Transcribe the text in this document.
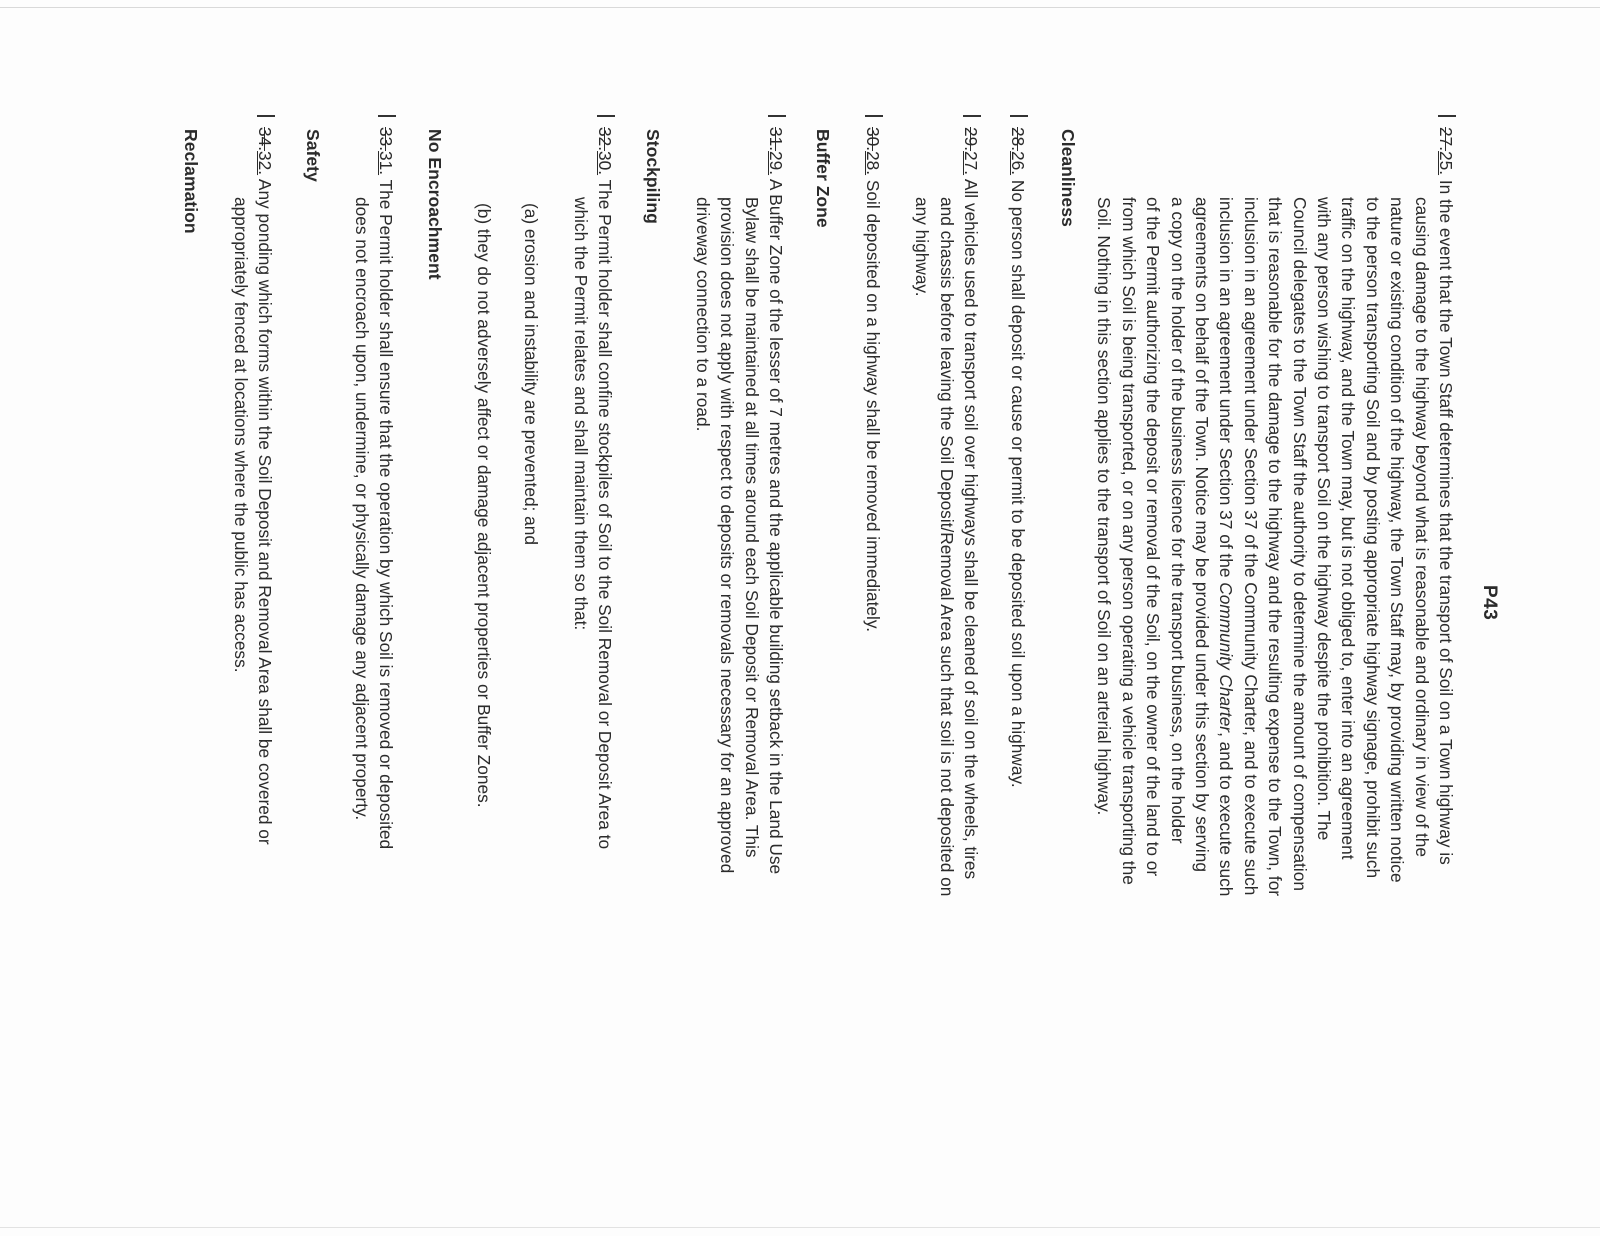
P43
27.25. In the event that the Town Staff determines that the transport of Soil on a Town highway is
causing damage to the highway beyond what is reasonable and ordinary in view of the
nature or existing condition of the highway, the Town Staff may, by providing written notice
to the person transporting Soil and by posting appropriate highway signage, prohibit such
traffic on the highway, and the Town may, but is not obliged to, enter into an agreement
with any person wishing to transport Soil on the highway despite the prohibition. The
Council delegates to the Town Staff the authority to determine the amount of compensation
that is reasonable for the damage to the highway and the resulting expense to the Town, for
inclusion in an agreement under Section 37 of the Community Charter, and to execute such
inclusion in an agreement under Section 37 of the Community Charter, and to execute such
agreements on behalf of the Town. Notice may be provided under this section by serving
a copy on the holder of the business licence for the transport business, on the holder
of the Permit authorizing the deposit or removal of the Soil, on the owner of the land to or
from which Soil is being transported, or on any person operating a vehicle transporting the
Soil. Nothing in this section applies to the transport of Soil on an arterial highway.
Cleanliness
28.26. No person shall deposit or cause or permit to be deposited soil upon a highway.
29.27. All vehicles used to transport soil over highways shall be cleaned of soil on the wheels, tires
and chassis before leaving the Soil Deposit/Removal Area such that soil is not deposited on
any highway.
30.28. Soil deposited on a highway shall be removed immediately.
Buffer Zone
31.29. A Buffer Zone of the lesser of 7 metres and the applicable building setback in the Land Use
Bylaw shall be maintained at all times around each Soil Deposit or Removal Area. This
provision does not apply with respect to deposits or removals necessary for an approved
driveway connection to a road.
Stockpiling
32.30. The Permit holder shall confine stockpiles of Soil to the Soil Removal or Deposit Area to
which the Permit relates and shall maintain them so that:
(a) erosion and instability are prevented; and
(b) they do not adversely affect or damage adjacent properties or Buffer Zones.
No Encroachment
33.31. The Permit holder shall ensure that the operation by which Soil is removed or deposited
does not encroach upon, undermine, or physically damage any adjacent property.
Safety
34.32. Any ponding which forms within the Soil Deposit and Removal Area shall be covered or
appropriately fenced at locations where the public has access.
Reclamation
